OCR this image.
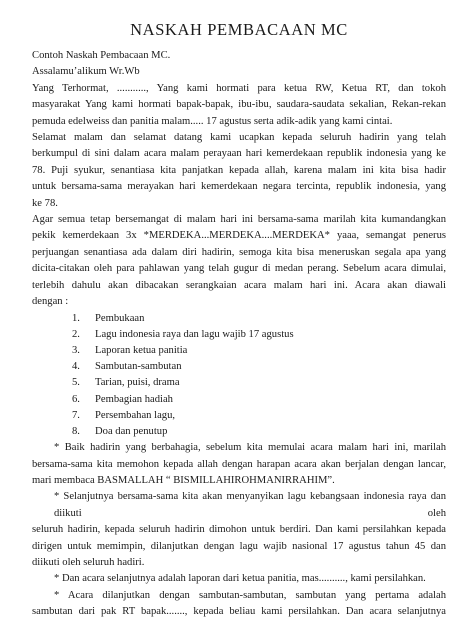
NASKAH PEMBACAAN MC
Contoh Naskah Pembacaan MC.
Assalamu’alikum Wr.Wb
Yang Terhormat, ..........., Yang kami hormati para ketua RW, Ketua RT, dan tokoh
masyarakat Yang kami hormati bapak-bapak, ibu-ibu, saudara-saudata sekalian, Rekan-rekan
pemuda edelweiss dan panitia malam..... 17 agustus serta adik-adik yang kami cintai.
Selamat malam dan selamat datang kami ucapkan kepada seluruh hadirin yang telah
berkumpul di sini dalam acara malam perayaan hari kemerdekaan republik indonesia yang ke
78. Puji syukur, senantiasa kita panjatkan kepada allah, karena malam ini kita bisa hadir
untuk bersama-sama merayakan hari kemerdekaan negara tercinta, republik indonesia, yang
ke 78.
Agar semua tetap bersemangat di malam hari ini bersama-sama marilah kita kumandangkan
pekik kemerdekaan 3x *MERDEKA...MERDEKA....MERDEKA* yaaa, semangat penerus
perjuangan senantiasa ada dalam diri hadirin, semoga kita bisa meneruskan segala apa yang
dicita-citakan oleh para pahlawan yang telah gugur di medan perang. Sebelum acara dimulai,
terlebih dahulu akan dibacakan serangkaian acara malam hari ini. Acara akan diawali
dengan :
1. Pembukaan
2. Lagu indonesia raya dan lagu wajib 17 agustus
3. Laporan ketua panitia
4. Sambutan-sambutan
5. Tarian, puisi, drama
6. Pembagian hadiah
7. Persembahan lagu,
8. Doa dan penutup
* Baik hadirin yang berbahagia, sebelum kita memulai acara malam hari ini, marilah
bersama-sama kita memohon kepada allah dengan harapan acara akan berjalan dengan lancar,
mari membaca BASMALLAH “ BISMILLAHIROHMANIRRAHIM”.
* Selanjutnya bersama-sama kita akan menyanyikan lagu kebangsaan indonesia raya dan diikuti oleh
seluruh hadirin, kepada seluruh hadirin dimohon untuk berdiri. Dan kami persilahkan kepada
dirigen untuk memimpin, dilanjutkan dengan lagu wajib nasional 17 agustus tahun 45 dan
diikuti oleh seluruh hadiri.
* Dan acara selanjutnya adalah laporan dari ketua panitia, mas.........., kami persilahkan.
* Acara dilanjutkan dengan sambutan-sambutan, sambutan yang pertama adalah
sambutan dari pak RT bapak......., kepada beliau kami persilahkan. Dan acara selanjutnya
